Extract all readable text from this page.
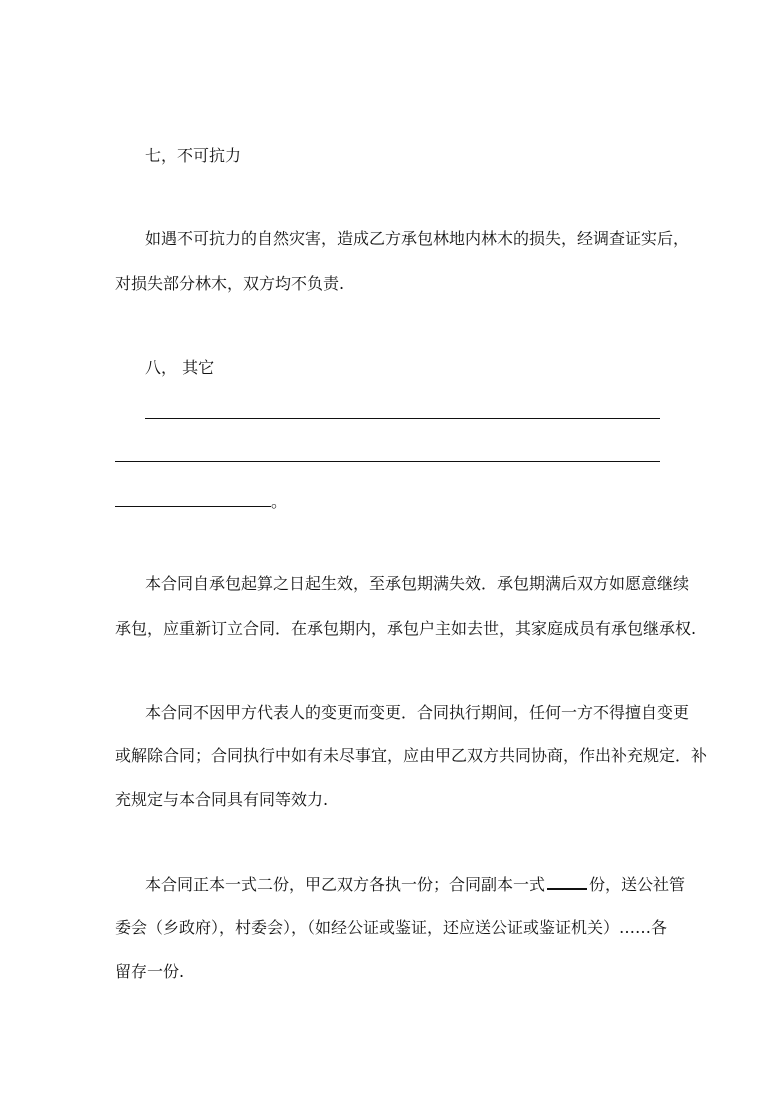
七，不可抗力
如遇不可抗力的自然灾害，造成乙方承包林地内林木的损失，经调查证实后，
对损失部分林木，双方均不负责.
八， 其它
。
本合同自承包起算之日起生效，至承包期满失效．承包期满后双方如愿意继续
承包，应重新订立合同．在承包期内，承包户主如去世，其家庭成员有承包继承权.
本合同不因甲方代表人的变更而变更．合同执行期间，任何一方不得擅自变更
或解除合同；合同执行中如有未尽事宜，应由甲乙双方共同协商，作出补充规定．补
充规定与本合同具有同等效力.
本合同正本一式二份，甲乙双方各执一份；合同副本一式	份，送公社管
委会（乡政府），村委会），（如经公证或鉴证，还应送公证或鉴证机关）……各
留存一份.
